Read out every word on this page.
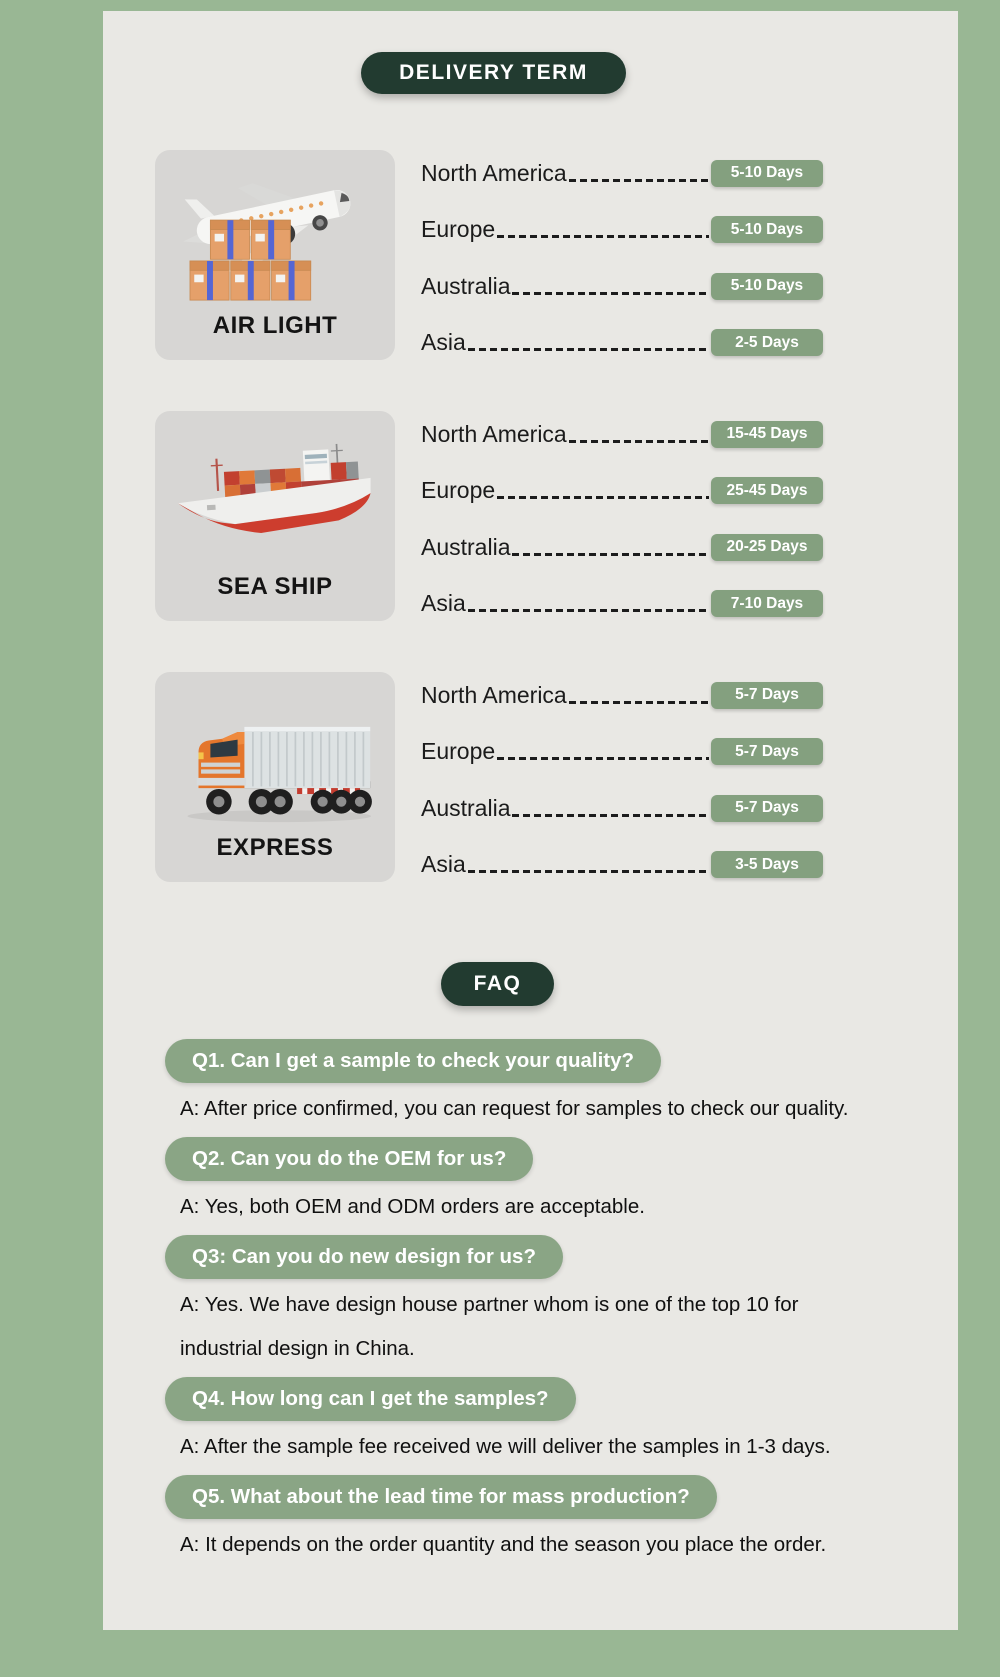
DELIVERY TERM
AIR LIGHT
North America	5-10 Days
Europe	5-10 Days
Australia	5-10 Days
Asia	2-5 Days
SEA SHIP
North America	15-45 Days
Europe	25-45 Days
Australia	20-25 Days
Asia	7-10 Days
EXPRESS
North America	5-7 Days
Europe	5-7 Days
Australia	5-7 Days
Asia	3-5 Days
FAQ
Q1. Can I get a sample to check your quality?
A: After price confirmed, you can request for samples to check our quality.
Q2. Can you do the OEM for us?
A: Yes, both OEM and ODM orders are acceptable.
Q3: Can you do new design for us?
A: Yes. We have design house partner whom is one of the top 10 for industrial design in China.
Q4. How long can I get the samples?
A: After the sample fee received we will deliver the samples in 1-3 days.
Q5. What about the lead time for mass production?
A: It depends on the order quantity and the season you place the order.
